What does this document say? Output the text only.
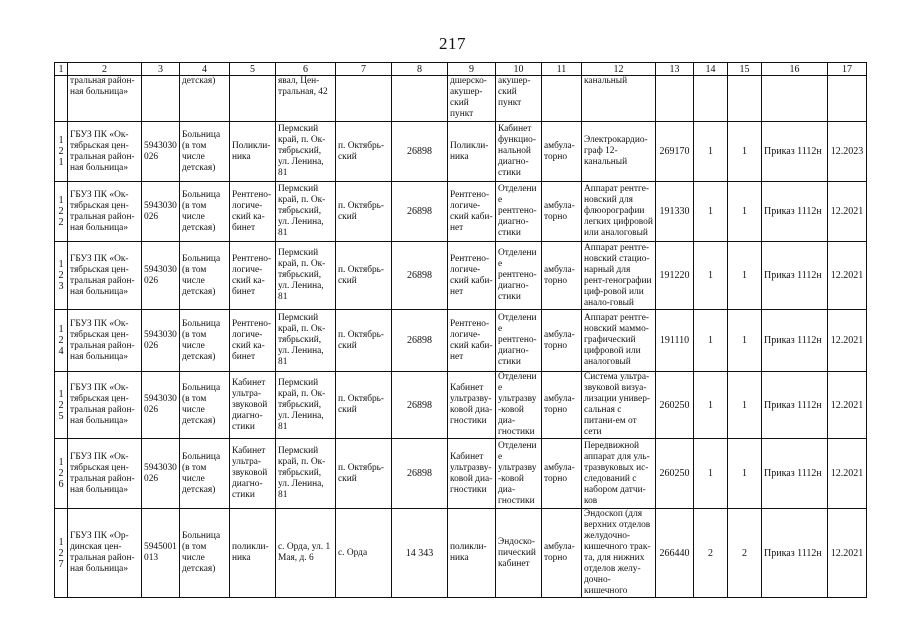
217
1	2	3	4	5	6	7	8	9	10	11	12	13	14	15	16	17
	тральная район-ная больница»		детская)		явал, Цен-тральная, 42			дшерско-акушер-ский пункт	акушер-ский пункт		канальный					
121	ГБУЗ ПК «Ок-тябрьская цен-тральная район-ная больница»	5943030 026	Больница (в том числе детская)	Поликли-ника	Пермский край, п. Ок-тябрьский, ул. Ленина, 81	п. Октябрь-ский	26898	Поликли-ника	Кабинет функцио-нальной диагно-стики	амбула-торно	Электрокардио-граф 12-канальный	269170	1	1	Приказ 1112н	12.2023
122	ГБУЗ ПК «Ок-тябрьская цен-тральная район-ная больница»	5943030 026	Больница (в том числе детская)	Рентгено-логиче-ский ка-бинет	Пермский край, п. Ок-тябрьский, ул. Ленина, 81	п. Октябрь-ский	26898	Рентгено-логиче-ский каби-нет	Отделение рентгено-диагно-стики	амбула-торно	Аппарат рентге-новский для флюорографии легких цифровой или аналоговый	191330	1	1	Приказ 1112н	12.2021
123	ГБУЗ ПК «Ок-тябрьская цен-тральная район-ная больница»	5943030 026	Больница (в том числе детская)	Рентгено-логиче-ский ка-бинет	Пермский край, п. Ок-тябрьский, ул. Ленина, 81	п. Октябрь-ский	26898	Рентгено-логиче-ский каби-нет	Отделение рентгено-диагно-стики	амбула-торно	Аппарат рентге-новский стацио-нарный для рент-генографии циф-ровой или анало-говый	191220	1	1	Приказ 1112н	12.2021
124	ГБУЗ ПК «Ок-тябрьская цен-тральная район-ная больница»	5943030 026	Больница (в том числе детская)	Рентгено-логиче-ский ка-бинет	Пермский край, п. Ок-тябрьский, ул. Ленина, 81	п. Октябрь-ский	26898	Рентгено-логиче-ский каби-нет	Отделение рентгено-диагно-стики	амбула-торно	Аппарат рентге-новский маммо-графический цифровой или аналоговый	191110	1	1	Приказ 1112н	12.2021
125	ГБУЗ ПК «Ок-тябрьская цен-тральная район-ная больница»	5943030 026	Больница (в том числе детская)	Кабинет ультра-звуковой диагно-стики	Пермский край, п. Ок-тябрьский, ул. Ленина, 81	п. Октябрь-ский	26898	Кабинет ультразву-ковой диа-гностики	Отделение ультразву-ковой диа-гностики	амбула-торно	Система ультра-звуковой визуа-лизации универ-сальная с питани-ем от сети	260250	1	1	Приказ 1112н	12.2021
126	ГБУЗ ПК «Ок-тябрьская цен-тральная район-ная больница»	5943030 026	Больница (в том числе детская)	Кабинет ультра-звуковой диагно-стики	Пермский край, п. Ок-тябрьский, ул. Ленина, 81	п. Октябрь-ский	26898	Кабинет ультразву-ковой диа-гностики	Отделение ультразву-ковой диа-гностики	амбула-торно	Передвижной аппарат для уль-тразвуковых ис-следований с набором датчи-ков	260250	1	1	Приказ 1112н	12.2021
127	ГБУЗ ПК «Ор-динская цен-тральная район-ная больница»	5945001 013	Больница (в том числе детская)	поликли-ника	с. Орда, ул. 1 Мая, д. 6	с. Орда	14 343	поликли-ника	Эндоско-пический кабинет	амбула-торно	Эндоскоп (для верхних отделов желудочно-кишечного трак-та, для нижних отделов желу-дочно-кишечного	266440	2	2	Приказ 1112н	12.2021
